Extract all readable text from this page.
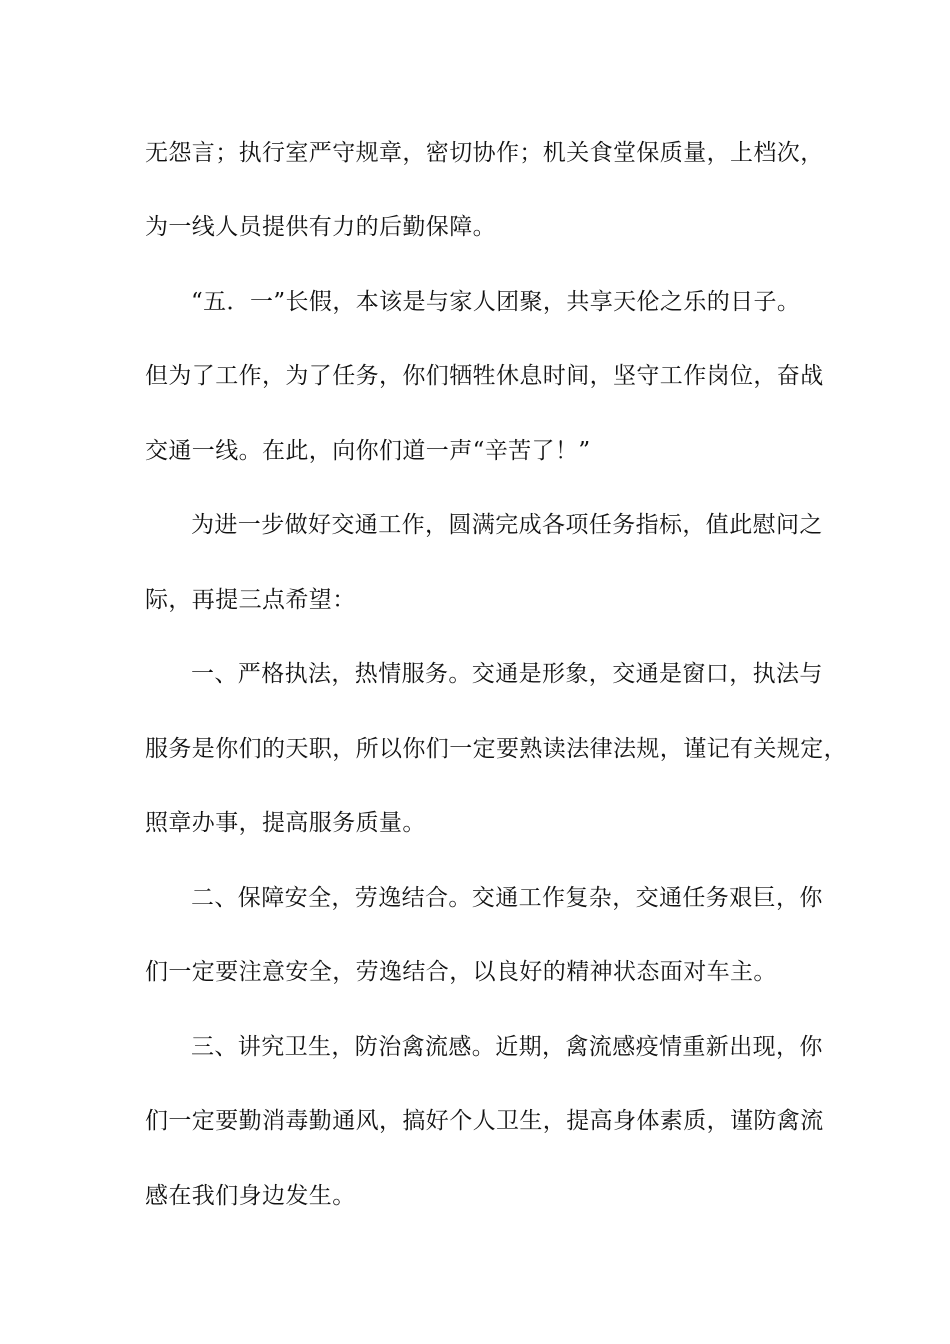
无怨言；执行室严守规章，密切协作；机关食堂保质量，上档次，
为一线人员提供有力的后勤保障。
“五．一”长假，本该是与家人团聚，共享天伦之乐的日子。
但为了工作，为了任务，你们牺牲休息时间，坚守工作岗位，奋战
交通一线。在此，向你们道一声“辛苦了！”
为进一步做好交通工作，圆满完成各项任务指标，值此慰问之
际，再提三点希望：
一、严格执法，热情服务。交通是形象，交通是窗口，执法与
服务是你们的天职，所以你们一定要熟读法律法规，谨记有关规定，
照章办事，提高服务质量。
二、保障安全，劳逸结合。交通工作复杂，交通任务艰巨，你
们一定要注意安全，劳逸结合，以良好的精神状态面对车主。
三、讲究卫生，防治禽流感。近期，禽流感疫情重新出现，你
们一定要勤消毒勤通风，搞好个人卫生，提高身体素质，谨防禽流
感在我们身边发生。
